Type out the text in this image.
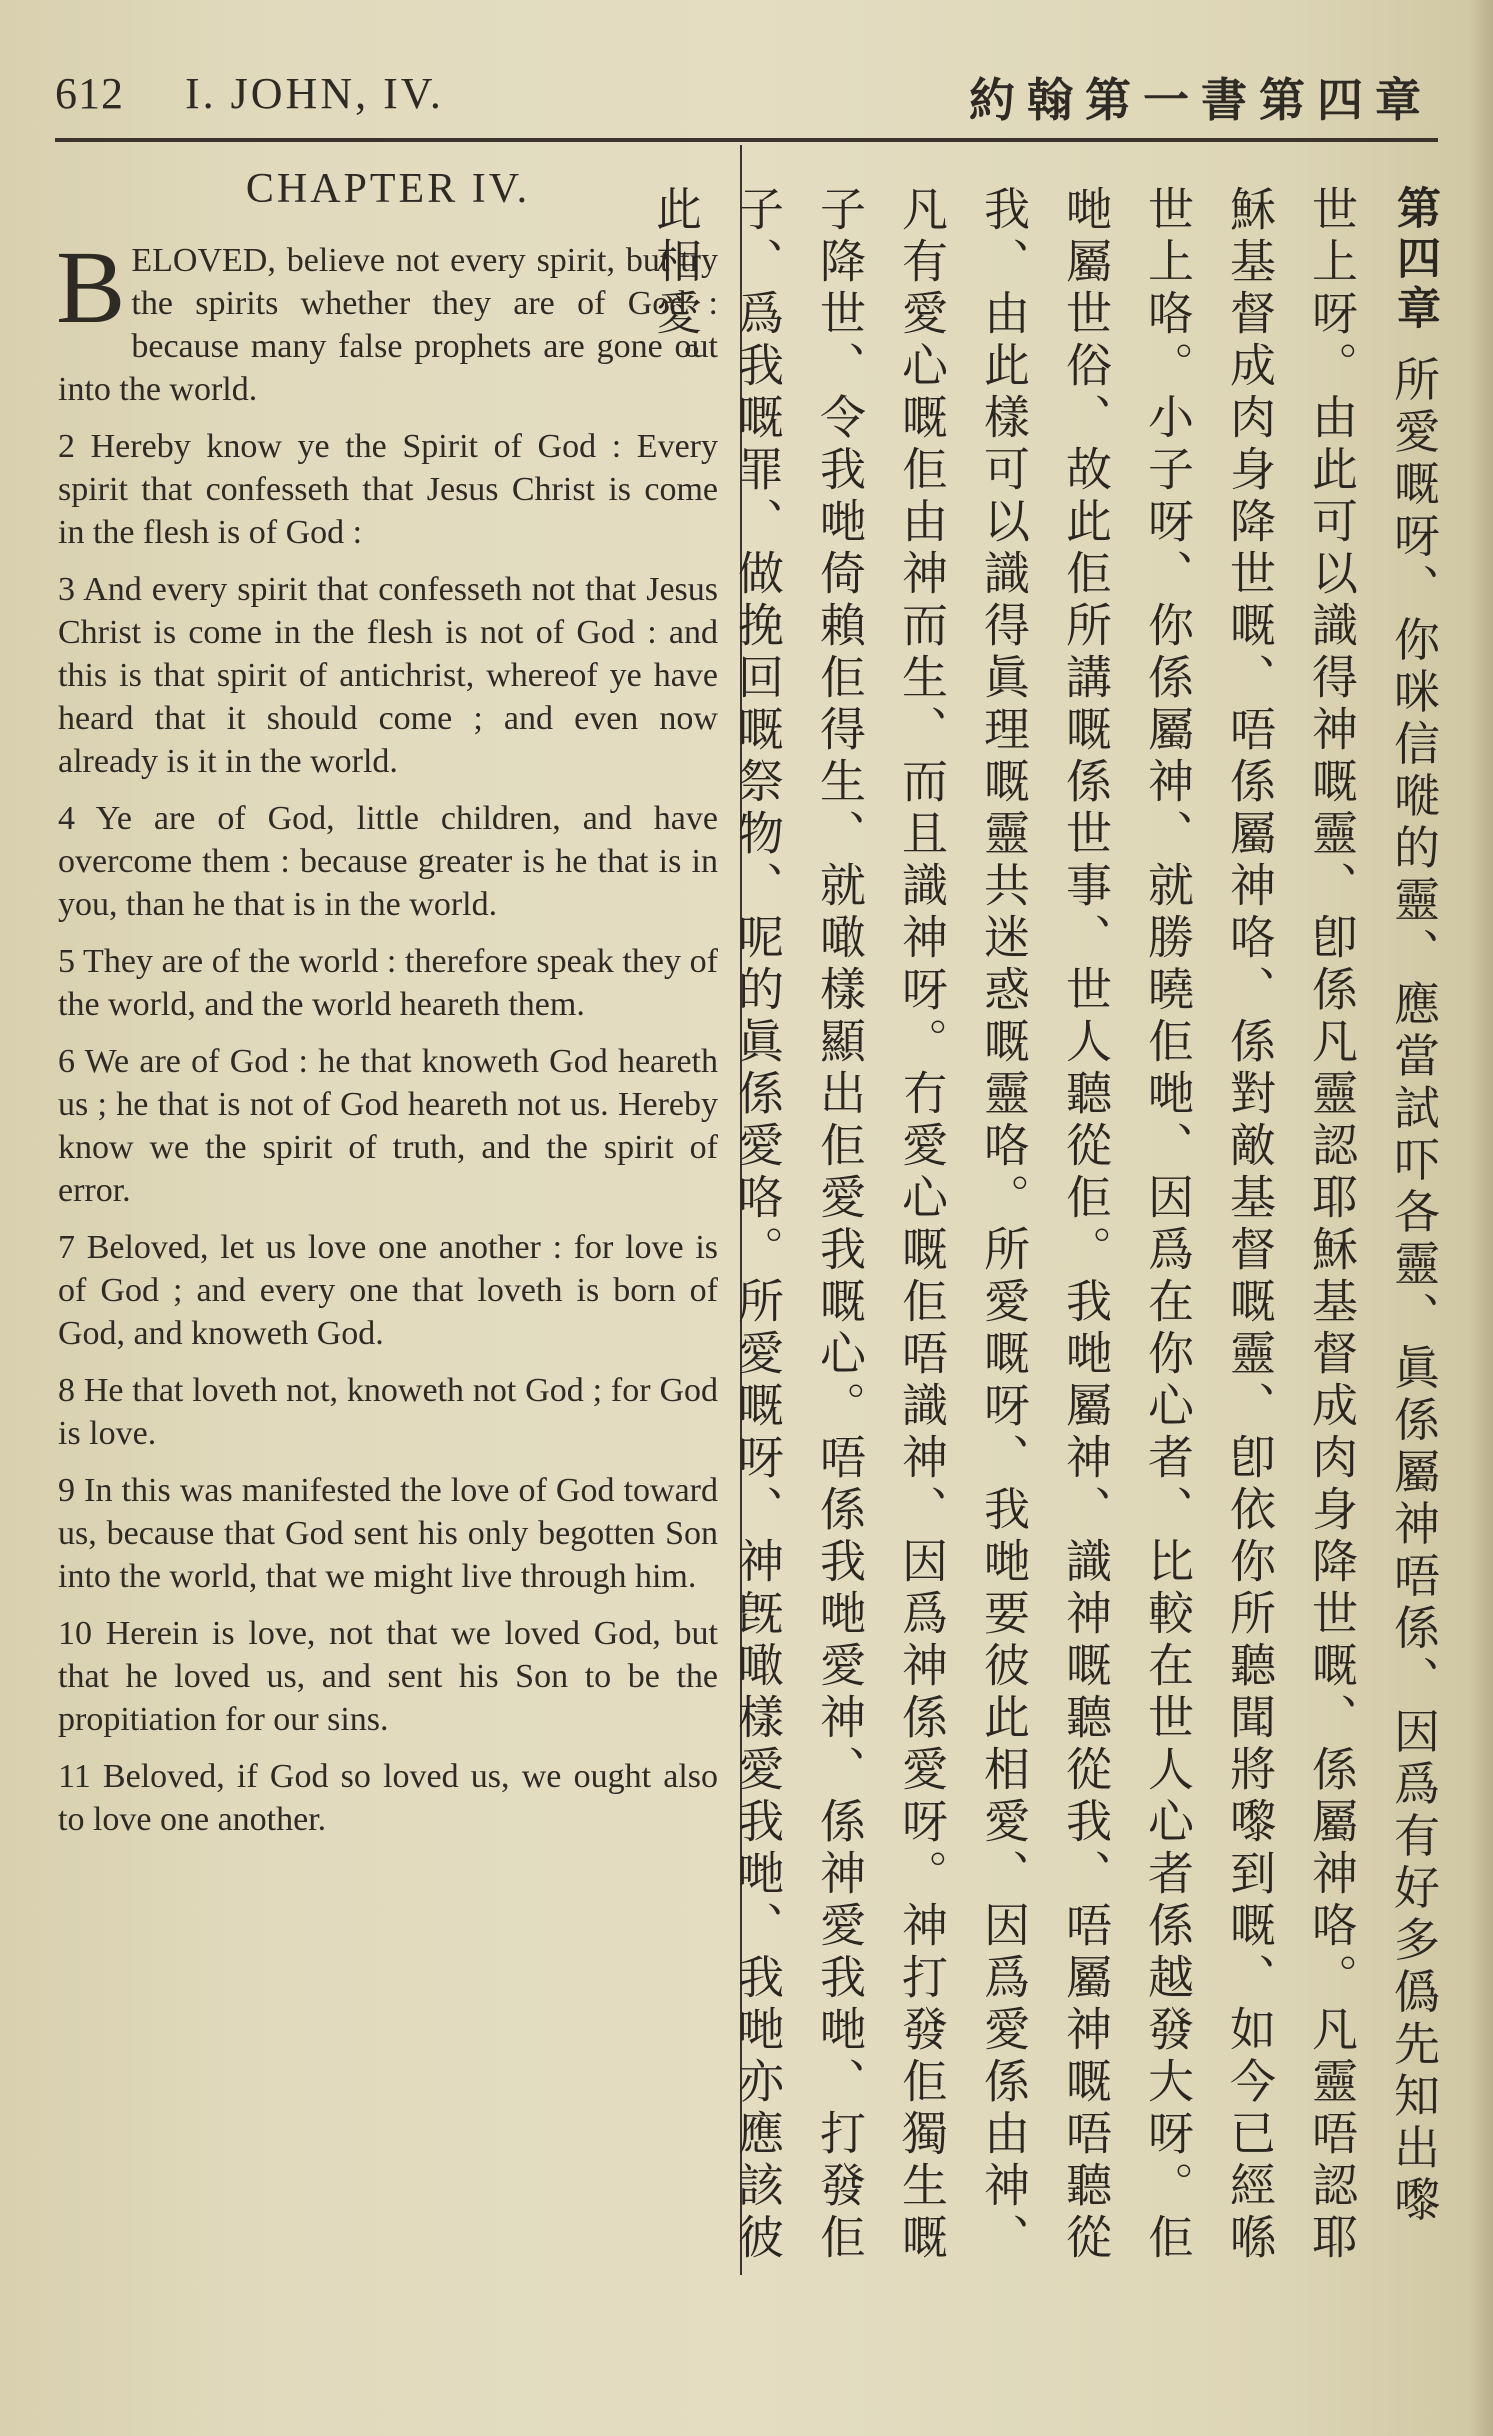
612 I. JOHN, IV.	約翰第一書第四章
CHAPTER IV.

BELOVED, believe not every spirit, but try the spirits whether they are of God : because many false prophets are gone out into the world.

2 Hereby know ye the Spirit of God : Every spirit that confesseth that Jesus Christ is come in the flesh is of God :

3 And every spirit that confesseth not that Jesus Christ is come in the flesh is not of God : and this is that spirit of antichrist, whereof ye have heard that it should come ; and even now already is it in the world.

4 Ye are of God, little children, and have overcome them : because greater is he that is in you, than he that is in the world.

5 They are of the world : therefore speak they of the world, and the world heareth them.

6 We are of God : he that knoweth God heareth us ; he that is not of God heareth not us. Hereby know we the spirit of truth, and the spirit of error.

7 Beloved, let us love one another : for love is of God ; and every one that loveth is born of God, and knoweth God.

8 He that loveth not, knoweth not God ; for God is love.

9 In this was manifested the love of God toward us, because that God sent his only begotten Son into the world, that we might live through him.

10 Herein is love, not that we loved God, but that he loved us, and sent his Son to be the propitiation for our sins.

11 Beloved, if God so loved us, we ought also to love one another.

第四章 所愛嘅呀、你咪信嘥的靈、應當試吓各靈、眞係屬神唔係、因爲有好多僞先知出嚟世上呀。由此可以識得神嘅靈、卽係凡靈認耶穌基督成肉身降世嘅、係屬神咯。凡靈唔認耶穌基督成肉身降世嘅、唔係屬神咯、係對敵基督嘅靈、卽依你所聽聞將嚟到嘅、如今已經喺世上咯。小子呀、你係屬神、就勝曉佢哋、因爲在你心者、比較在世人心者係越發大呀。佢哋屬世俗、故此佢所講嘅係世事、世人聽從佢。我哋屬神、識神嘅聽從我、唔屬神嘅唔聽從我、由此樣可以識得眞理嘅靈共迷惑嘅靈咯。所愛嘅呀、我哋要彼此相愛、因爲愛係由神、凡有愛心嘅佢由神而生、而且識神呀。冇愛心嘅佢唔識神、因爲神係愛呀。神打發佢獨生嘅子降世、令我哋倚賴佢得生、就噉樣顯出佢愛我嘅心。唔係我哋愛神、係神愛我哋、打發佢子、爲我嘅罪、做挽回嘅祭物、呢的眞係愛咯。所愛嘅呀、神旣噉樣愛我哋、我哋亦應該彼此相愛。
